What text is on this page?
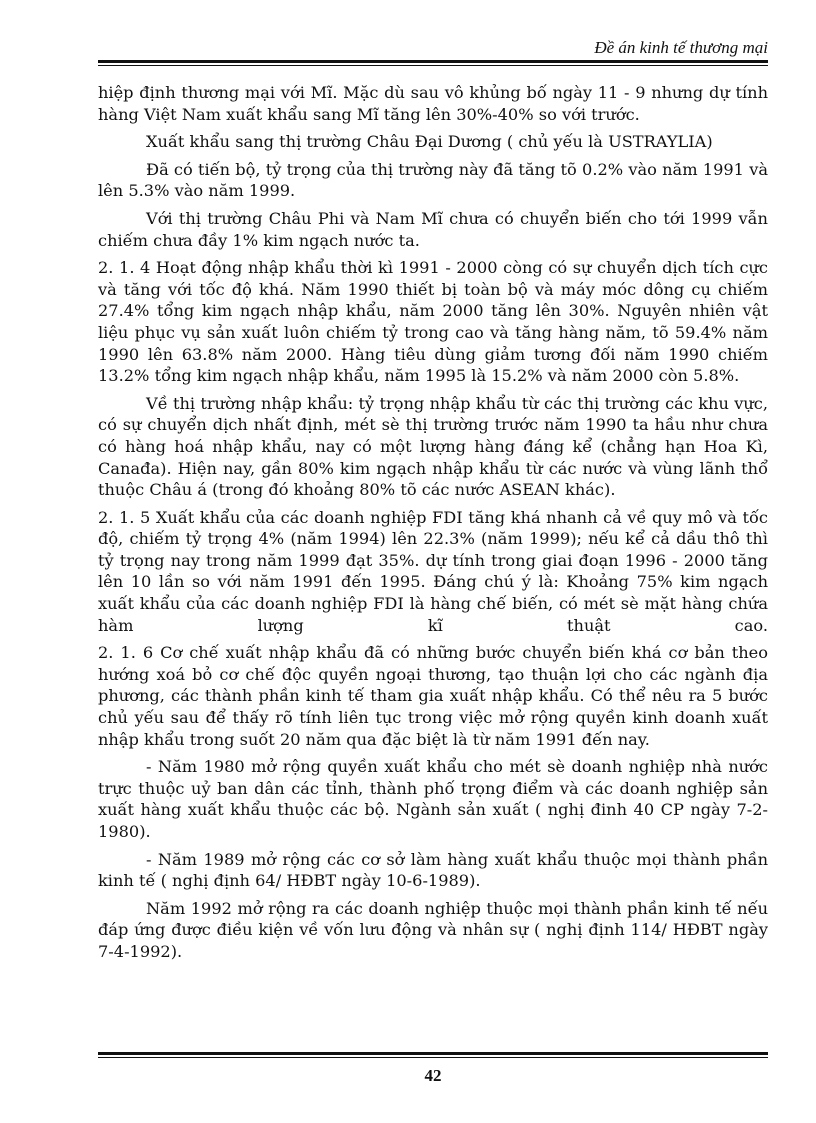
Đề án kinh tế thương mại

hiệp định thương mại với Mĩ. Mặc dù sau vô khủng bố ngày 11 - 9 nhưng dự tính hàng Việt Nam xuất khẩu sang Mĩ tăng lên 30%-40% so với trước.

Xuất khẩu sang thị trường Châu Đại Dương ( chủ yếu là USTRAYLIA)

Đã có tiến bộ, tỷ trọng của thị trường này đã tăng tõ 0.2% vào năm 1991 và lên 5.3% vào năm 1999.

Với thị trường Châu Phi và Nam Mĩ chưa có chuyển biến cho tới 1999 vẫn chiếm chưa đầy 1% kim ngạch nước ta.

2. 1. 4 Hoạt động nhập khẩu thời kì 1991 - 2000 còng có sự chuyển dịch tích cực và tăng với tốc độ khá. Năm 1990 thiết bị toàn bộ và máy móc dông cụ chiếm 27.4% tổng kim ngạch nhập khẩu, năm 2000 tăng lên 30%. Nguyên nhiên vật liệu phục vụ sản xuất luôn chiếm tỷ trong cao và tăng hàng năm, tõ 59.4% năm 1990 lên 63.8% năm 2000. Hàng tiêu dùng giảm tương đối năm 1990 chiếm 13.2% tổng kim ngạch nhập khẩu, năm 1995 là 15.2% và năm 2000 còn 5.8%.

Về thị trường nhập khẩu: tỷ trọng nhập khẩu từ các thị trường các khu vực, có sự chuyển dịch nhất định, mét sè thị trường trước năm 1990 ta hầu như chưa có hàng hoá nhập khẩu, nay có một lượng hàng đáng kể (chẳng hạn Hoa Kì, Canađa). Hiện nay, gần 80% kim ngạch nhập khẩu từ các nước và vùng lãnh thổ thuộc Châu á (trong đó khoảng 80% tõ các nước ASEAN khác).

2. 1. 5 Xuất khẩu của các doanh nghiệp FDI tăng khá nhanh cả về quy mô và tốc độ, chiếm tỷ trọng 4% (năm 1994) lên 22.3% (năm 1999); nếu kể cả dầu thô thì tỷ trọng nay trong năm 1999 đạt 35%. dự tính trong giai đoạn 1996 - 2000 tăng lên 10 lần so với năm 1991 đến 1995. Đáng chú ý là: Khoảng 75% kim ngạch xuất khẩu của các doanh nghiệp FDI là hàng chế biến, có mét sè mặt hàng chứa hàm lượng kĩ thuật cao.

2. 1. 6 Cơ chế xuất nhập khẩu đã có những bước chuyển biến khá cơ bản theo hướng xoá bỏ cơ chế độc quyền ngoại thương, tạo thuận lợi cho các ngành địa phương, các thành phần kinh tế tham gia xuất nhập khẩu. Có thể nêu ra 5 bước chủ yếu sau để thấy rõ tính liên tục trong việc mở rộng quyền kinh doanh xuất nhập khẩu trong suốt 20 năm qua đặc biệt là từ năm 1991 đến nay.

- Năm 1980 mở rộng quyền xuất khẩu cho mét sè doanh nghiệp nhà nước trực thuộc uỷ ban dân các tỉnh, thành phố trọng điểm và các doanh nghiệp sản xuất hàng xuất khẩu thuộc các bộ. Ngành sản xuất ( nghị đinh 40 CP ngày 7-2-1980).

- Năm 1989 mở rộng các cơ sở làm hàng xuất khẩu thuộc mọi thành phần kinh tế ( nghị định 64/ HĐBT ngày 10-6-1989).

Năm 1992 mở rộng ra các doanh nghiệp thuộc mọi thành phần kinh tế nếu đáp ứng được điều kiện về vốn lưu động và nhân sự ( nghị định 114/ HĐBT ngày 7-4-1992).

42
